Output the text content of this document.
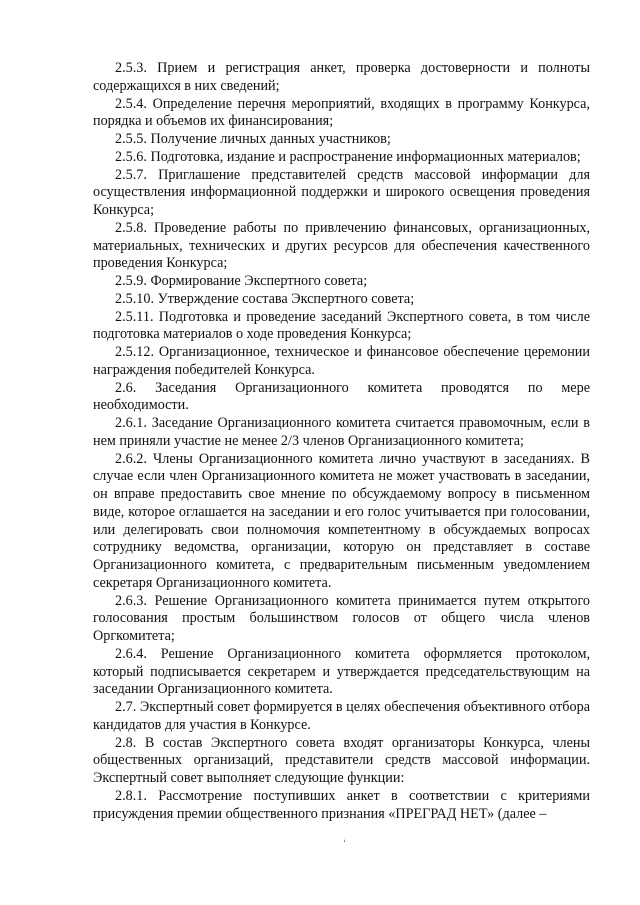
2.5.3. Прием и регистрация анкет, проверка достоверности и полноты содержащихся в них сведений;

2.5.4. Определение перечня мероприятий, входящих в программу Конкурса, порядка и объемов их финансирования;

2.5.5. Получение личных данных участников;

2.5.6. Подготовка, издание и распространение информационных материалов;

2.5.7. Приглашение представителей средств массовой информации для осуществления информационной поддержки и широкого освещения проведения Конкурса;

2.5.8. Проведение работы по привлечению финансовых, организационных, материальных, технических и других ресурсов для обеспечения качественного проведения Конкурса;

2.5.9. Формирование Экспертного совета;

2.5.10. Утверждение состава Экспертного совета;

2.5.11. Подготовка и проведение заседаний Экспертного совета, в том числе подготовка материалов о ходе проведения Конкурса;

2.5.12. Организационное, техническое и финансовое обеспечение церемонии награждения победителей Конкурса.

2.6. Заседания Организационного комитета проводятся по мере необходимости.

2.6.1. Заседание Организационного комитета считается правомочным, если в нем приняли участие не менее 2/3 членов Организационного комитета;

2.6.2. Члены Организационного комитета лично участвуют в заседаниях. В случае если член Организационного комитета не может участвовать в заседании, он вправе предоставить свое мнение по обсуждаемому вопросу в письменном виде, которое оглашается на заседании и его голос учитывается при голосовании, или делегировать свои полномочия компетентному в обсуждаемых вопросах сотруднику ведомства, организации, которую он представляет в составе Организационного комитета, с предварительным письменным уведомлением секретаря Организационного комитета.

2.6.3. Решение Организационного комитета принимается путем открытого голосования простым большинством голосов от общего числа членов Оргкомитета;

2.6.4. Решение Организационного комитета оформляется протоколом, который подписывается секретарем и утверждается председательствующим на заседании Организационного комитета.

2.7. Экспертный совет формируется в целях обеспечения объективного отбора кандидатов для участия в Конкурсе.

2.8. В состав Экспертного совета входят организаторы Конкурса, члены общественных организаций, представители средств массовой информации. Экспертный совет выполняет следующие функции:

2.8.1. Рассмотрение поступивших анкет в соответствии с критериями присуждения премии общественного признания «ПРЕГРАД НЕТ» (далее –

ʻ
